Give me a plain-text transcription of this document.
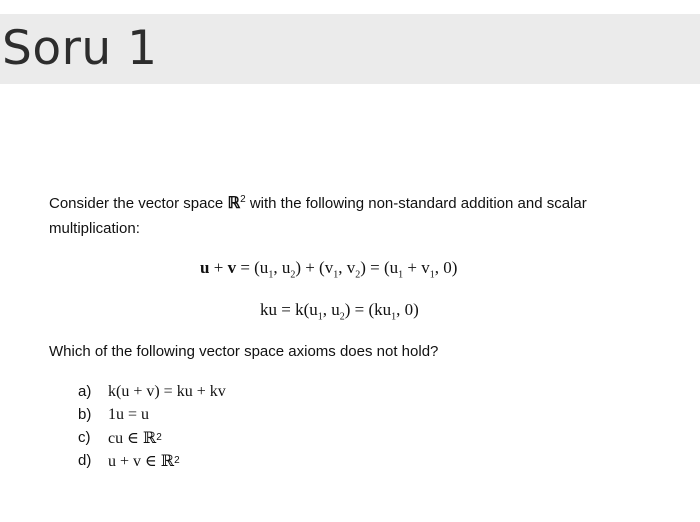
Soru 1
Consider the vector space ℝ$^2$ with the following non-standard addition and scalar multiplication:
$u + v = (u_1$, $u_2) + (v_1$, $v_2) = (u_1 + v_1$, 0)
ku = $k(u_1$, $u_2) = (ku_1$, 0)
Which of the following vector space axioms does not hold?
a)	k(u + v) = ku + kv
b)	1u = u
c)	cu ∈ ℝ 2
d)	u + v ∈ ℝ 2
